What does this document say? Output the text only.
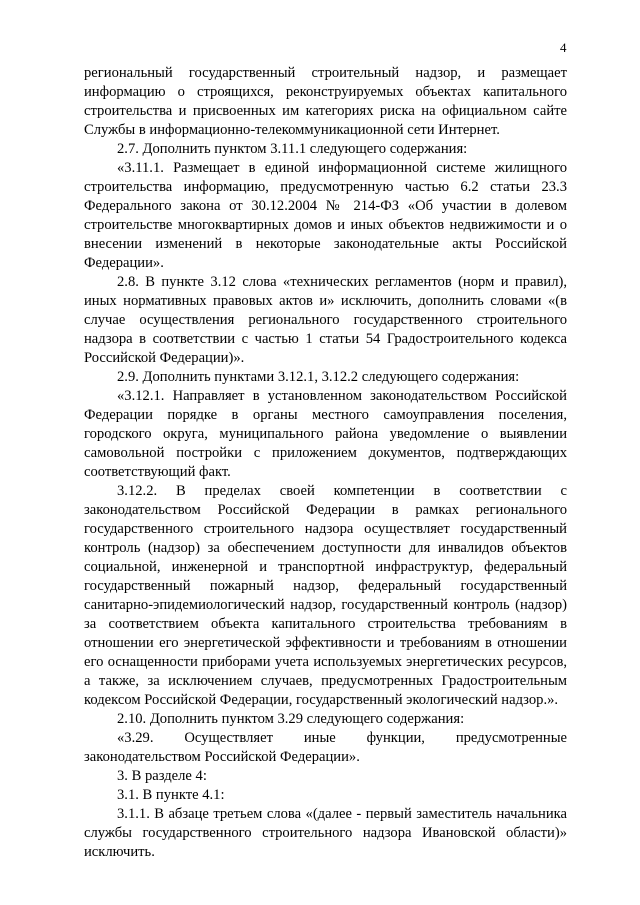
4

региональный государственный строительный надзор, и размещает информацию о строящихся, реконструируемых объектах капитального строительства и присвоенных им категориях риска на официальном сайте Службы в информационно-телекоммуникационной сети Интернет.

2.7. Дополнить пунктом 3.11.1 следующего содержания:

«3.11.1. Размещает в единой информационной системе жилищного строительства информацию, предусмотренную частью 6.2 статьи 23.3 Федерального закона от 30.12.2004 № 214-ФЗ «Об участии в долевом строительстве многоквартирных домов и иных объектов недвижимости и о внесении изменений в некоторые законодательные акты Российской Федерации».

2.8. В пункте 3.12 слова «технических регламентов (норм и правил), иных нормативных правовых актов и» исключить, дополнить словами «(в случае осуществления регионального государственного строительного надзора в соответствии с частью 1 статьи 54 Градостроительного кодекса Российской Федерации)».

2.9. Дополнить пунктами 3.12.1, 3.12.2 следующего содержания:

«3.12.1. Направляет в установленном законодательством Российской Федерации порядке в органы местного самоуправления поселения, городского округа, муниципального района уведомление о выявлении самовольной постройки с приложением документов, подтверждающих соответствующий факт.

3.12.2. В пределах своей компетенции в соответствии с законодательством Российской Федерации в рамках регионального государственного строительного надзора осуществляет государственный контроль (надзор) за обеспечением доступности для инвалидов объектов социальной, инженерной и транспортной инфраструктур, федеральный государственный пожарный надзор, федеральный государственный санитарно-эпидемиологический надзор, государственный контроль (надзор) за соответствием объекта капитального строительства требованиям в отношении его энергетической эффективности и требованиям в отношении его оснащенности приборами учета используемых энергетических ресурсов, а также, за исключением случаев, предусмотренных Градостроительным кодексом Российской Федерации, государственный экологический надзор.».

2.10. Дополнить пунктом 3.29 следующего содержания:

«3.29. Осуществляет иные функции, предусмотренные законодательством Российской Федерации».

3. В разделе 4:

3.1. В пункте 4.1:

3.1.1. В абзаце третьем слова «(далее - первый заместитель начальника службы государственного строительного надзора Ивановской области)» исключить.
